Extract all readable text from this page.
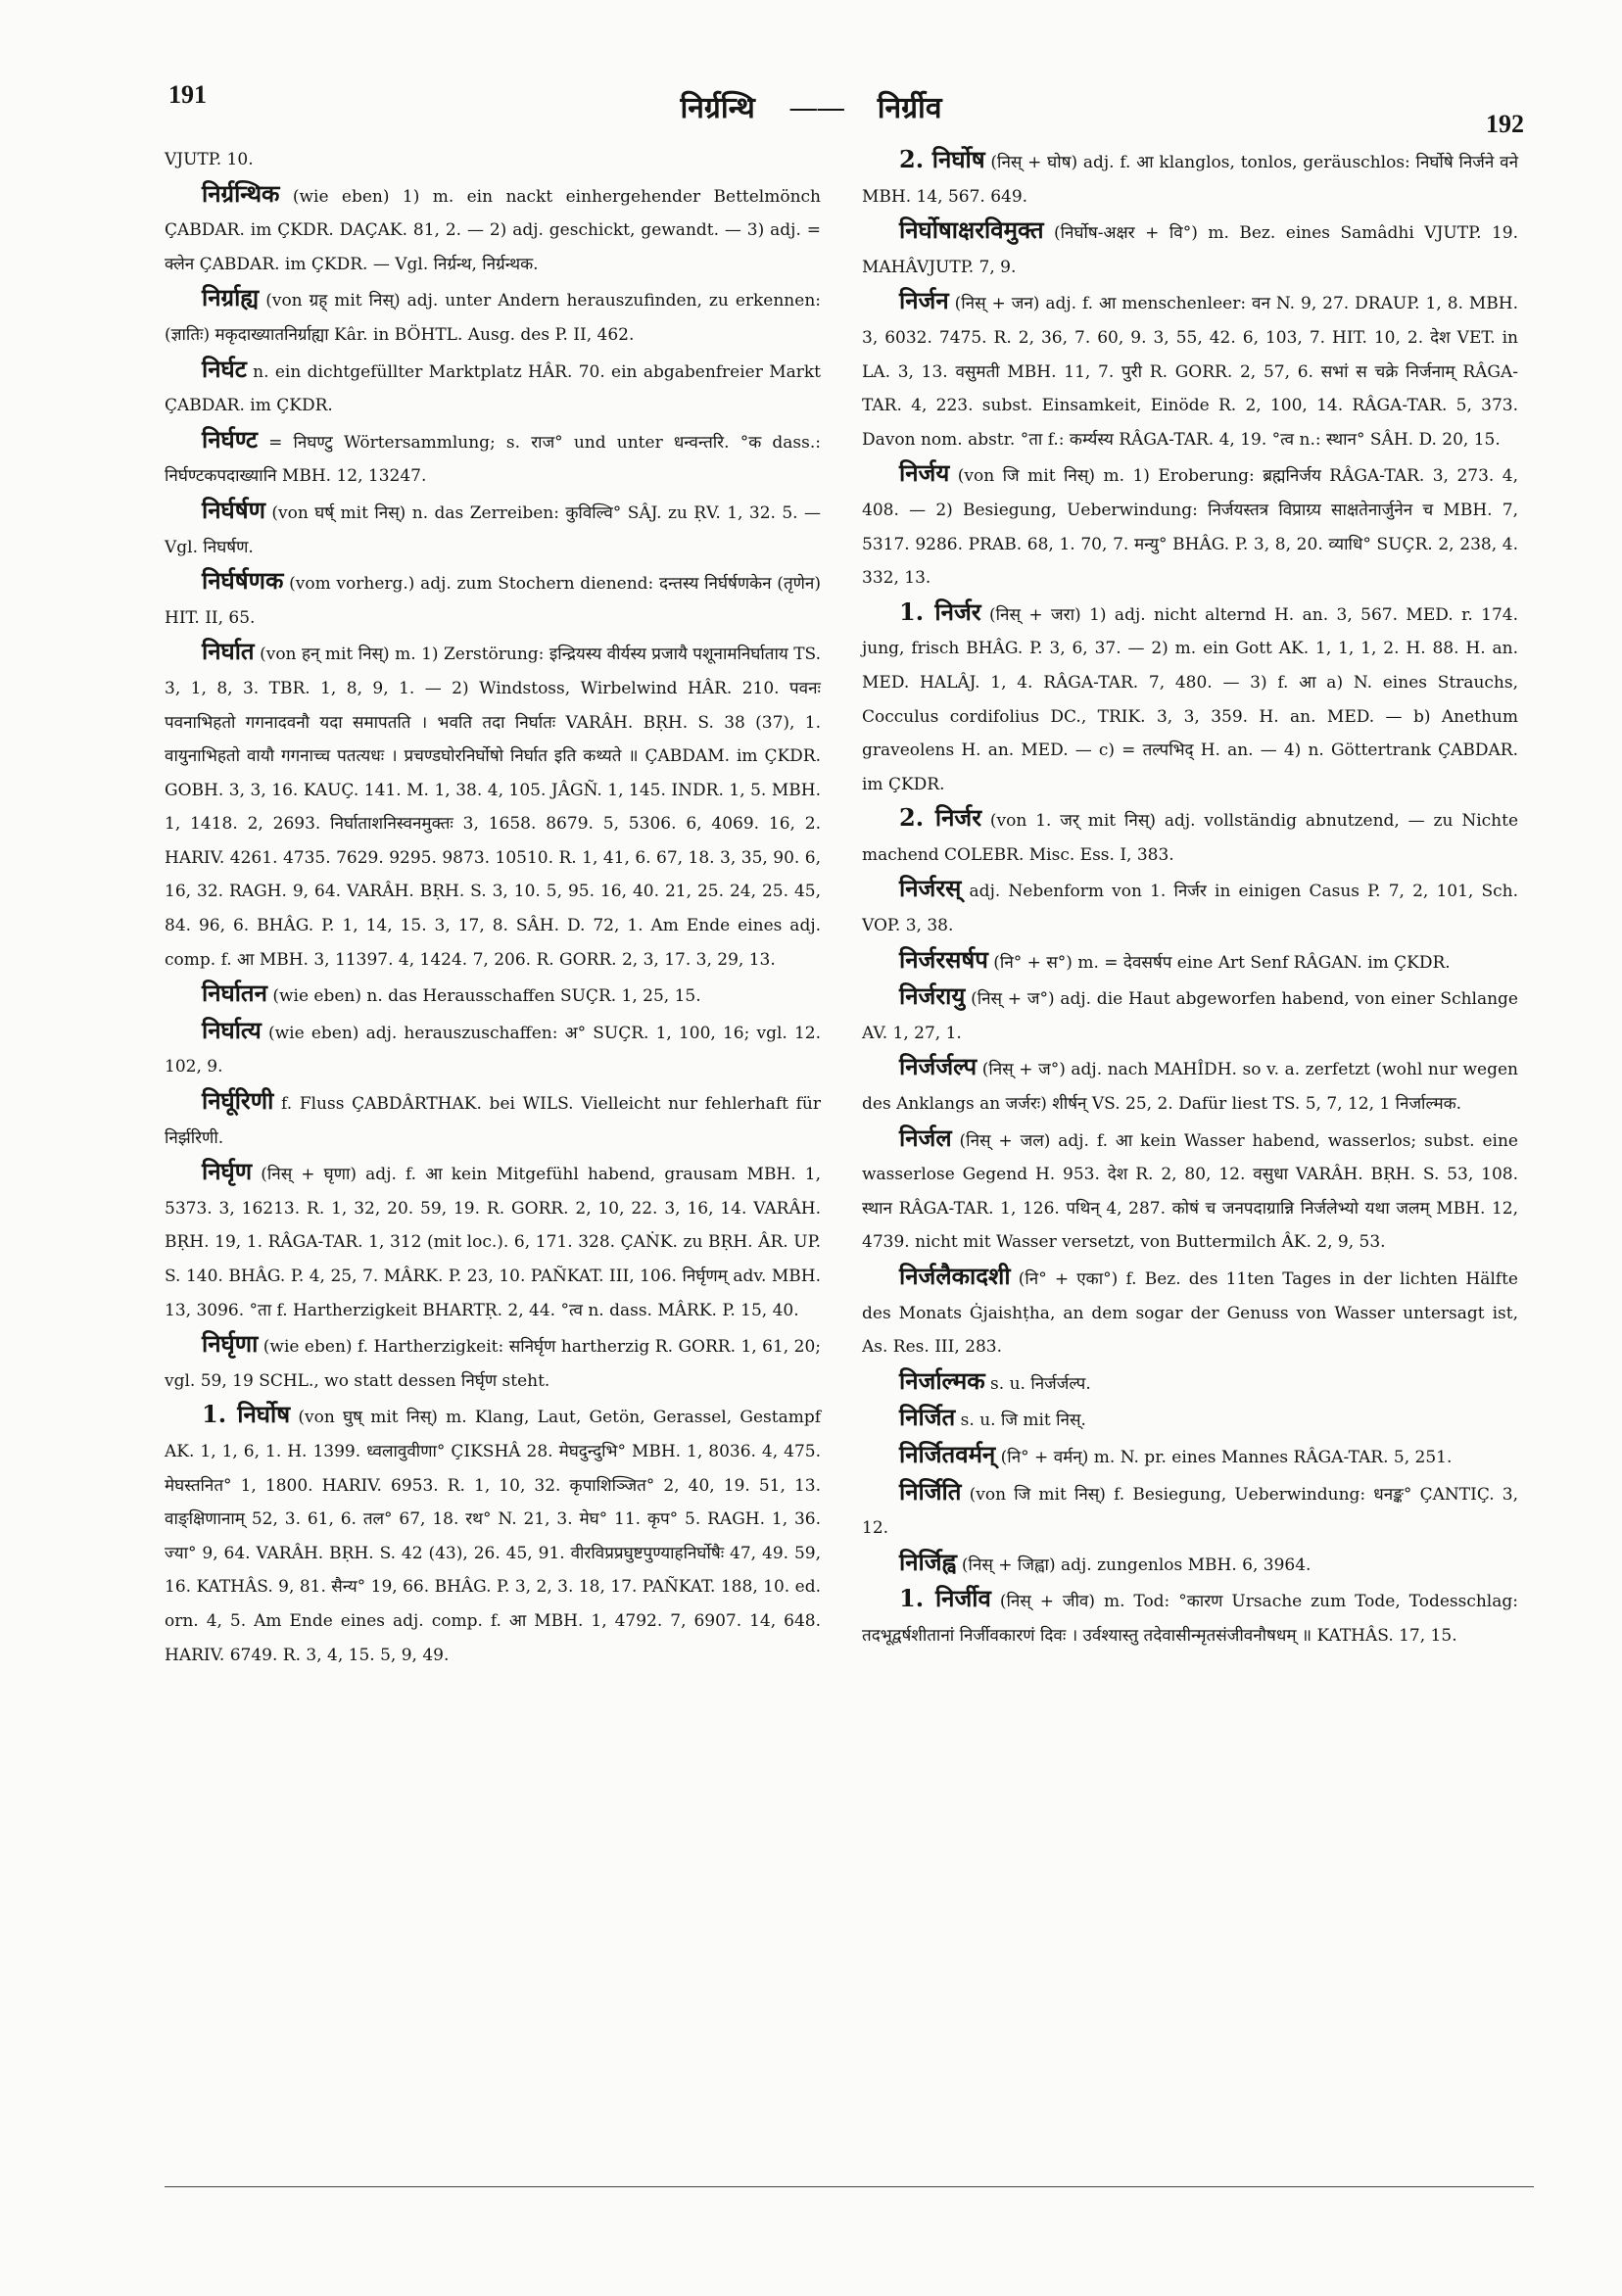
191	निर्ग्रन्थि —— निर्ग्रीव	192

VJUTP. 10.

निर्ग्रन्थिक (wie eben) 1) m. ein nackt einhergehender Bettelmönch ÇABDAR. im ÇKDR. DAÇAK. 81, 2. — 2) adj. geschickt, gewandt. — 3) adj. = क्लेन ÇABDAR. im ÇKDR. — Vgl. निर्ग्रन्थ, निर्ग्रन्थक.

निर्ग्राह्य (von ग्रह् mit निस्) adj. unter Andern herauszufinden, zu erkennen: (ज्ञातिः) मकृदाख्यातनिर्ग्राह्या Kâr. in BÖHTL. Ausg. des P. II, 462.

निर्घट n. ein dichtgefüllter Marktplatz HÂR. 70. ein abgabenfreier Markt ÇABDAR. im ÇKDR.

निर्घण्ट = निघण्टु Wörtersammlung; s. राज° und unter धन्वन्तरि. °क dass.: निर्घण्टकपदाख्यानि MBH. 12, 13247.

निर्घर्षण (von घर्ष् mit निस्) n. das Zerreiben: कुविल्वि° SÂJ. zu ṚV. 1, 32. 5. — Vgl. निघर्षण.

निर्घर्षणक (vom vorherg.) adj. zum Stochern dienend: दन्तस्य निर्घर्षणकेन (तृणेन) HIT. II, 65.

निर्घात (von हन् mit निस्) m. 1) Zerstörung: इन्द्रियस्य वीर्यस्य प्रजायै पशूनामनिर्घाताय TS. 3, 1, 8, 3. TBR. 1, 8, 9, 1. — 2) Windstoss, Wirbelwind HÂR. 210. पवनः पवनाभिहतो गगनादवनौ यदा समापतति । भवति तदा निर्घातः VARÂH. BṚH. S. 38 (37), 1. वायुनाभिहतो वायौ गगनाच्च पतत्यधः । प्रचण्डघोरनिर्घोषो निर्घात इति कथ्यते ॥ ÇABDAM. im ÇKDR. GOBH. 3, 3, 16. KAUÇ. 141. M. 1, 38. 4, 105. JÂGÑ. 1, 145. INDR. 1, 5. MBH. 1, 1418. 2, 2693. निर्घाताशनिस्वनमुक्तः 3, 1658. 8679. 5, 5306. 6, 4069. 16, 2. HARIV. 4261. 4735. 7629. 9295. 9873. 10510. R. 1, 41, 6. 67, 18. 3, 35, 90. 6, 16, 32. RAGH. 9, 64. VARÂH. BṚH. S. 3, 10. 5, 95. 16, 40. 21, 25. 24, 25. 45, 84. 96, 6. BHÂG. P. 1, 14, 15. 3, 17, 8. SÂH. D. 72, 1. Am Ende eines adj. comp. f. आ MBH. 3, 11397. 4, 1424. 7, 206. R. GORR. 2, 3, 17. 3, 29, 13.

निर्घातन (wie eben) n. das Herausschaffen SUÇR. 1, 25, 15.

निर्घात्य (wie eben) adj. herauszuschaffen: अ° SUÇR. 1, 100, 16; vgl. 12. 102, 9.

निर्घूरिणी f. Fluss ÇABDÂRTHAK. bei WILS. Vielleicht nur fehlerhaft für निर्झरिणी.

निर्घृण (निस् + घृणा) adj. f. आ kein Mitgefühl habend, grausam MBH. 1, 5373. 3, 16213. R. 1, 32, 20. 59, 19. R. GORR. 2, 10, 22. 3, 16, 14. VARÂH. BṚH. 19, 1. RÂGA-TAR. 1, 312 (mit loc.). 6, 171. 328. ÇAṄK. zu BṚH. ÂR. UP. S. 140. BHÂG. P. 4, 25, 7. MÂRK. P. 23, 10. PAÑKAT. III, 106. निर्घृणम् adv. MBH. 13, 3096. °ता f. Hartherzigkeit BHARTṚ. 2, 44. °त्व n. dass. MÂRK. P. 15, 40.

निर्घृणा (wie eben) f. Hartherzigkeit: सनिर्घृण hartherzig R. GORR. 1, 61, 20; vgl. 59, 19 SCHL., wo statt dessen निर्घृण steht.

1. निर्घोष (von घुष् mit निस्) m. Klang, Laut, Getön, Gerassel, Gestampf AK. 1, 1, 6, 1. H. 1399. ध्वलावुवीणा° ÇIKSHÂ 28. मेघदुन्दुभि° MBH. 1, 8036. 4, 475. मेघस्तनित° 1, 1800. HARIV. 6953. R. 1, 10, 32. कृपाशिञ्जित° 2, 40, 19. 51, 13. वाङ्क्षिणानाम् 52, 3. 61, 6. तल° 67, 18. रथ° N. 21, 3. मेघ° 11. कृप° 5. RAGH. 1, 36. ज्या° 9, 64. VARÂH. BṚH. S. 42 (43), 26. 45, 91. वीरविप्रप्रघुष्टपुण्याहनिर्घोषैः 47, 49. 59, 16. KATHÂS. 9, 81. सैन्य° 19, 66. BHÂG. P. 3, 2, 3. 18, 17. PAÑKAT. 188, 10. ed. orn. 4, 5. Am Ende eines adj. comp. f. आ MBH. 1, 4792. 7, 6907. 14, 648. HARIV. 6749. R. 3, 4, 15. 5, 9, 49.

2. निर्घोष (निस् + घोष) adj. f. आ klanglos, tonlos, geräuschlos: निर्घोषे निर्जने वने MBH. 14, 567. 649.

निर्घोषाक्षरविमुक्त (निर्घोष-अक्षर + वि°) m. Bez. eines Samâdhi VJUTP. 19. MAHÂVJUTP. 7, 9.

निर्जन (निस् + जन) adj. f. आ menschenleer: वन N. 9, 27. DRAUP. 1, 8. MBH. 3, 6032. 7475. R. 2, 36, 7. 60, 9. 3, 55, 42. 6, 103, 7. HIT. 10, 2. देश VET. in LA. 3, 13. वसुमती MBH. 11, 7. पुरी R. GORR. 2, 57, 6. सभां स चक्रे निर्जनाम् RÂGA-TAR. 4, 223. subst. Einsamkeit, Einöde R. 2, 100, 14. RÂGA-TAR. 5, 373. Davon nom. abstr. °ता f.: कर्म्यस्य RÂGA-TAR. 4, 19. °त्व n.: स्थान° SÂH. D. 20, 15.

निर्जय (von जि mit निस्) m. 1) Eroberung: ब्रह्मनिर्जय RÂGA-TAR. 3, 273. 4, 408. — 2) Besiegung, Ueberwindung: निर्जयस्तत्र विप्राग्र्य साक्षतेनार्जुनेन च MBH. 7, 5317. 9286. PRAB. 68, 1. 70, 7. मन्यु° BHÂG. P. 3, 8, 20. व्याधि° SUÇR. 2, 238, 4. 332, 13.

1. निर्जर (निस् + जरा) 1) adj. nicht alternd H. an. 3, 567. MED. r. 174. jung, frisch BHÂG. P. 3, 6, 37. — 2) m. ein Gott AK. 1, 1, 1, 2. H. 88. H. an. MED. HALÂJ. 1, 4. RÂGA-TAR. 7, 480. — 3) f. आ a) N. eines Strauchs, Cocculus cordifolius DC., TRIK. 3, 3, 359. H. an. MED. — b) Anethum graveolens H. an. MED. — c) = तल्पभिद् H. an. — 4) n. Göttertrank ÇABDAR. im ÇKDR.

2. निर्जर (von 1. जर् mit निस्) adj. vollständig abnutzend, — zu Nichte machend COLEBR. Misc. Ess. I, 383.

निर्जरस् adj. Nebenform von 1. निर्जर in einigen Casus P. 7, 2, 101, Sch. VOP. 3, 38.

निर्जरसर्षप (नि° + स°) m. = देवसर्षप eine Art Senf RÂGAN. im ÇKDR.

निर्जरायु (निस् + ज°) adj. die Haut abgeworfen habend, von einer Schlange AV. 1, 27, 1.

निर्जर्जल्प (निस् + ज°) adj. nach MAHÎDH. so v. a. zerfetzt (wohl nur wegen des Anklangs an जर्जरः) शीर्षन् VS. 25, 2. Dafür liest TS. 5, 7, 12, 1 निर्जाल्मक.

निर्जल (निस् + जल) adj. f. आ kein Wasser habend, wasserlos; subst. eine wasserlose Gegend H. 953. देश R. 2, 80, 12. वसुधा VARÂH. BṚH. S. 53, 108. स्थान RÂGA-TAR. 1, 126. पथिन् 4, 287. कोषं च जनपदाग्रान्नि निर्जलेभ्यो यथा जलम् MBH. 12, 4739. nicht mit Wasser versetzt, von Buttermilch ÂK. 2, 9, 53.

निर्जलैकादशी (नि° + एका°) f. Bez. des 11ten Tages in der lichten Hälfte des Monats Ġjaishṭha, an dem sogar der Genuss von Wasser untersagt ist, As. Res. III, 283.

निर्जाल्मक s. u. निर्जर्जल्प.

निर्जित s. u. जि mit निस्.

निर्जितवर्मन् (नि° + वर्मन्) m. N. pr. eines Mannes RÂGA-TAR. 5, 251.

निर्जिति (von जि mit निस्) f. Besiegung, Ueberwindung: धनङ्क° ÇANTIÇ. 3, 12.

निर्जिह्व (निस् + जिह्वा) adj. zungenlos MBH. 6, 3964.

1. निर्जीव (निस् + जीव) m. Tod: °कारण Ursache zum Tode, Todesschlag: तदभूद्वर्षशीतानां निर्जीवकारणं दिवः । उर्वश्यास्तु तदेवासीन्मृतसंजीवनौषधम् ॥ KATHÂS. 17, 15.
